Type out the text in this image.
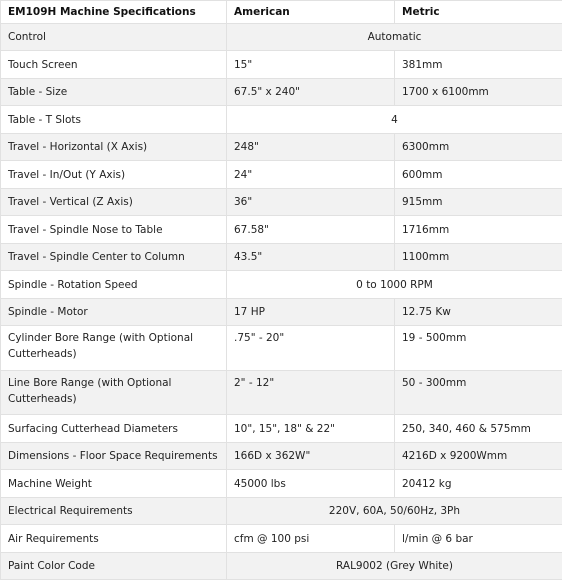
EM109H Machine Specifications	American	Metric
Control	Automatic	
Touch Screen	15"	381mm
Table - Size	67.5" x 240"	1700 x 6100mm
Table - T Slots	4	
Travel - Horizontal (X Axis)	248"	6300mm
Travel - In/Out (Y Axis)	24"	600mm
Travel - Vertical (Z Axis)	36"	915mm
Travel - Spindle Nose to Table	67.58"	1716mm
Travel - Spindle Center to Column	43.5"	1100mm
Spindle - Rotation Speed	0 to 1000 RPM	
Spindle - Motor	17 HP	12.75 Kw
Cylinder Bore Range (with Optional Cutterheads)	.75" - 20"	19 - 500mm
Line Bore Range (with Optional Cutterheads)	2" - 12"	50 - 300mm
Surfacing Cutterhead Diameters	10", 15", 18" & 22"	250, 340, 460 & 575mm
Dimensions - Floor Space Requirements	166D x 362W"	4216D x 9200Wmm
Machine Weight	45000 lbs	20412 kg
Electrical Requirements	220V, 60A, 50/60Hz, 3Ph	
Air Requirements	cfm @ 100 psi	l/min @ 6 bar
Paint Color Code	RAL9002 (Grey White)	
